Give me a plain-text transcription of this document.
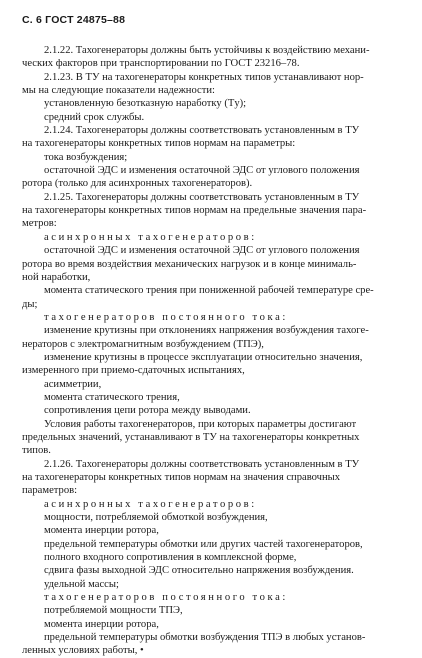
С. 6 ГОСТ 24875–88
2.1.22. Тахогенераторы должны быть устойчивы к воздействию механи-
ческих факторов при транспортировании по ГОСТ 23216–78.
2.1.23. В ТУ на тахогенераторы конкретных типов устанавливают нор-
мы на следующие показатели надежности:
установленную безотказную наработку (Tу);
средний срок службы.
2.1.24. Тахогенераторы должны соответствовать установленным в ТУ
на тахогенераторы конкретных типов нормам на параметры:
тока возбуждения;
остаточной ЭДС и изменения остаточной ЭДС от углового положения
ротора (только для асинхронных тахогенераторов).
2.1.25. Тахогенераторы должны соответствовать установленным в ТУ
на тахогенераторы конкретных типов нормам на предельные значения пара-
метров:
асинхронных тахогенераторов:
остаточной ЭДС и изменения остаточной ЭДС от углового положения
ротора во время воздействия механических нагрузок и в конце минималь-
ной наработки,
момента статического трения при пониженной рабочей температуре сре-
ды;
тахогенераторов постоянного тока:
изменение крутизны при отклонениях напряжения возбуждения тахоге-
нераторов с электромагнитным возбуждением (ТПЭ),
изменение крутизны в процессе эксплуатации относительно значения,
измеренного при приемо-сдаточных испытаниях,
асимметрии,
момента статического трения,
сопротивления цепи ротора между выводами.
Условия работы тахогенераторов, при которых параметры достигают
предельных значений, устанавливают в ТУ на тахогенераторы конкретных
типов.
2.1.26. Тахогенераторы должны соответствовать установленным в ТУ
на тахогенераторы конкретных типов нормам на значения справочных
параметров:
асинхронных тахогенераторов:
мощности, потребляемой обмоткой возбуждения,
момента инерции ротора,
предельной температуры обмотки или других частей тахогенераторов,
полного входного сопротивления в комплексной форме,
сдвига фазы выходной ЭДС относительно напряжения возбуждения.
удельной массы;
тахогенераторов постоянного тока:
потребляемой мощности ТПЭ,
момента инерции ротора,
предельной температуры обмотки возбуждения ТПЭ в любых установ-
ленных условиях работы, •
